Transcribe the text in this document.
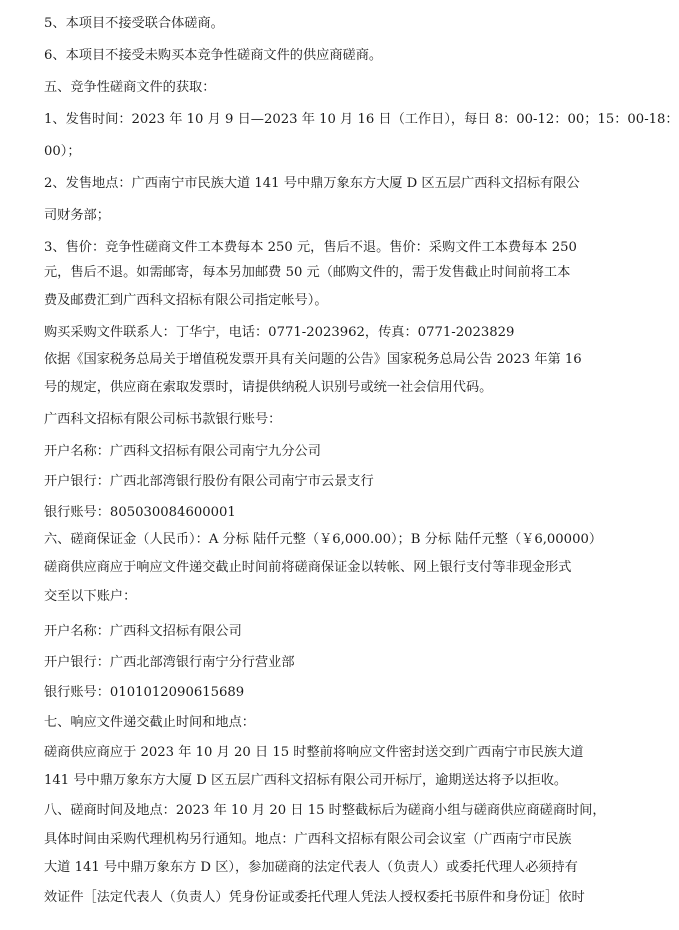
5、本项目不接受联合体磋商。
6、本项目不接受未购买本竞争性磋商文件的供应商磋商。
五、竞争性磋商文件的获取：
1、发售时间：2023 年 10 月 9 日—2023 年 10 月 16 日（工作日），每日 8：00-12：00；15：00-18：
00）；
2、发售地点：广西南宁市民族大道 141 号中鼎万象东方大厦 D 区五层广西科文招标有限公
司财务部；
3、售价：竞争性磋商文件工本费每本 250 元，售后不退。售价：采购文件工本费每本 250
元，售后不退。如需邮寄，每本另加邮费 50 元（邮购文件的，需于发售截止时间前将工本
费及邮费汇到广西科文招标有限公司指定帐号）。
购买采购文件联系人：丁华宁，电话：0771-2023962，传真：0771-2023829
依据《国家税务总局关于增值税发票开具有关问题的公告》国家税务总局公告 2023 年第 16
号的规定，供应商在索取发票时，请提供纳税人识别号或统一社会信用代码。
广西科文招标有限公司标书款银行账号：
开户名称：广西科文招标有限公司南宁九分公司
开户银行：广西北部湾银行股份有限公司南宁市云景支行
银行账号：805030084600001
六、磋商保证金（人民币）：A 分标 陆仟元整（￥6,000.00）；B 分标 陆仟元整（￥6,00000）
磋商供应商应于响应文件递交截止时间前将磋商保证金以转帐、网上银行支付等非现金形式
交至以下账户：
开户名称：广西科文招标有限公司
开户银行：广西北部湾银行南宁分行营业部
银行账号：0101012090615689
七、响应文件递交截止时间和地点：
磋商供应商应于 2023 年 10 月 20 日 15 时整前将响应文件密封送交到广西南宁市民族大道
141 号中鼎万象东方大厦 D 区五层广西科文招标有限公司开标厅，逾期送达将予以拒收。
八、磋商时间及地点：2023 年 10 月 20 日 15 时整截标后为磋商小组与磋商供应商磋商时间，
具体时间由采购代理机构另行通知。地点：广西科文招标有限公司会议室（广西南宁市民族
大道 141 号中鼎万象东方 D 区），参加磋商的法定代表人（负责人）或委托代理人必须持有
效证件［法定代表人（负责人）凭身份证或委托代理人凭法人授权委托书原件和身份证］依时
